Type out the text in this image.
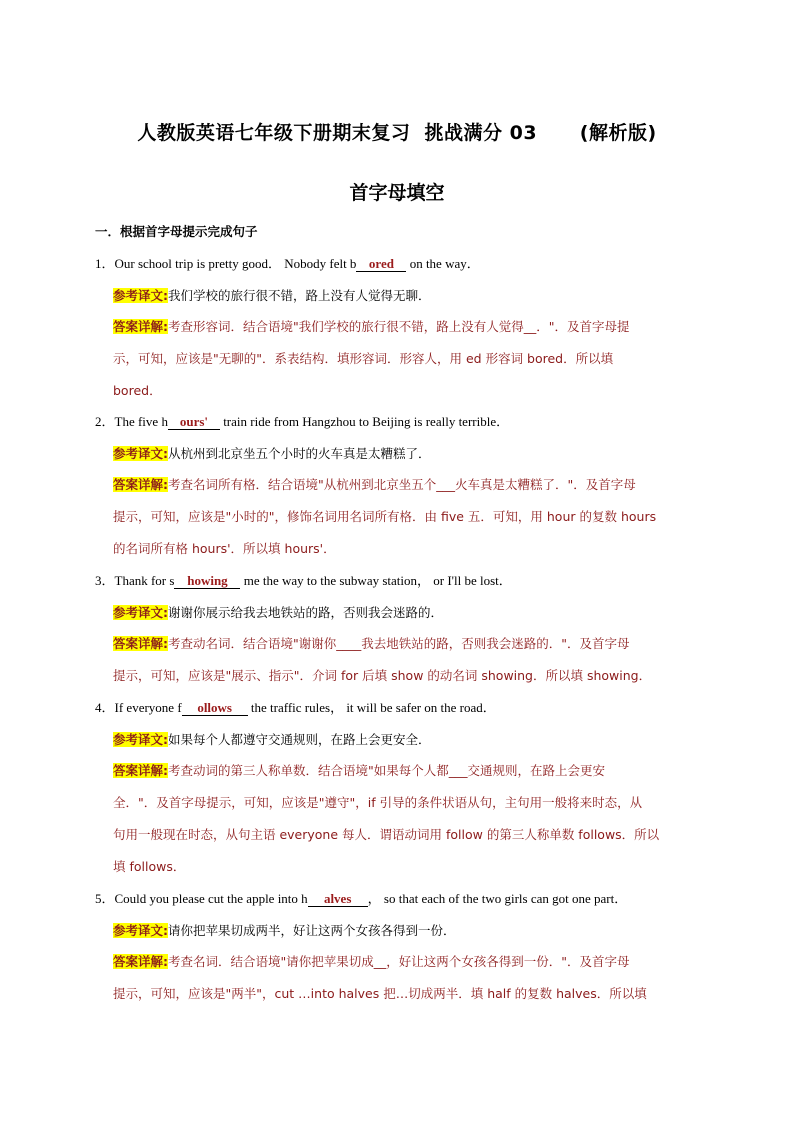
人教版英语七年级下册期末复习  挑战满分 03      (解析版)
首字母填空
一．根据首字母提示完成句子
1．Our school trip is pretty good． Nobody felt b ored on the way．
参考译文:我们学校的旅行很不错，路上没有人觉得无聊．
答案详解:考查形容词．结合语境"我们学校的旅行很不错，路上没有人觉得__．"．及首字母提
示，可知，应该是"无聊的"．系表结构．填形容词．形容人，用 ed 形容词 bored．所以填
bored．
2．The five h ours' train ride from Hangzhou to Beijing is really terrible．
参考译文:从杭州到北京坐五个小时的火车真是太糟糕了．
答案详解:考查名词所有格．结合语境"从杭州到北京坐五个___火车真是太糟糕了．"．及首字母
提示，可知，应该是"小时的"，修饰名词用名词所有格．由 five 五．可知，用 hour 的复数 hours
的名词所有格 hours'．所以填 hours'．
3．Thank for s howing me the way to the subway station， or I'll be lost．
参考译文:谢谢你展示给我去地铁站的路，否则我会迷路的．
答案详解:考查动名词．结合语境"谢谢你____我去地铁站的路，否则我会迷路的．"．及首字母
提示，可知，应该是"展示、指示"．介词 for 后填 show 的动名词 showing．所以填 showing．
4．If everyone f ollows the traffic rules， it will be safer on the road．
参考译文:如果每个人都遵守交通规则，在路上会更安全．
答案详解:考查动词的第三人称单数．结合语境"如果每个人都___交通规则，在路上会更安
全．"．及首字母提示，可知，应该是"遵守"，if 引导的条件状语从句，主句用一般将来时态，从
句用一般现在时态，从句主语 everyone 每人．谓语动词用 follow 的第三人称单数 follows．所以
填 follows．
5．Could you please cut the apple into h alves ， so that each of the two girls can got one part．
参考译文:请你把苹果切成两半，好让这两个女孩各得到一份．
答案详解:考查名词．结合语境"请你把苹果切成__，好让这两个女孩各得到一份．"．及首字母
提示，可知，应该是"两半"，cut …into halves 把…切成两半．填 half 的复数 halves．所以填
